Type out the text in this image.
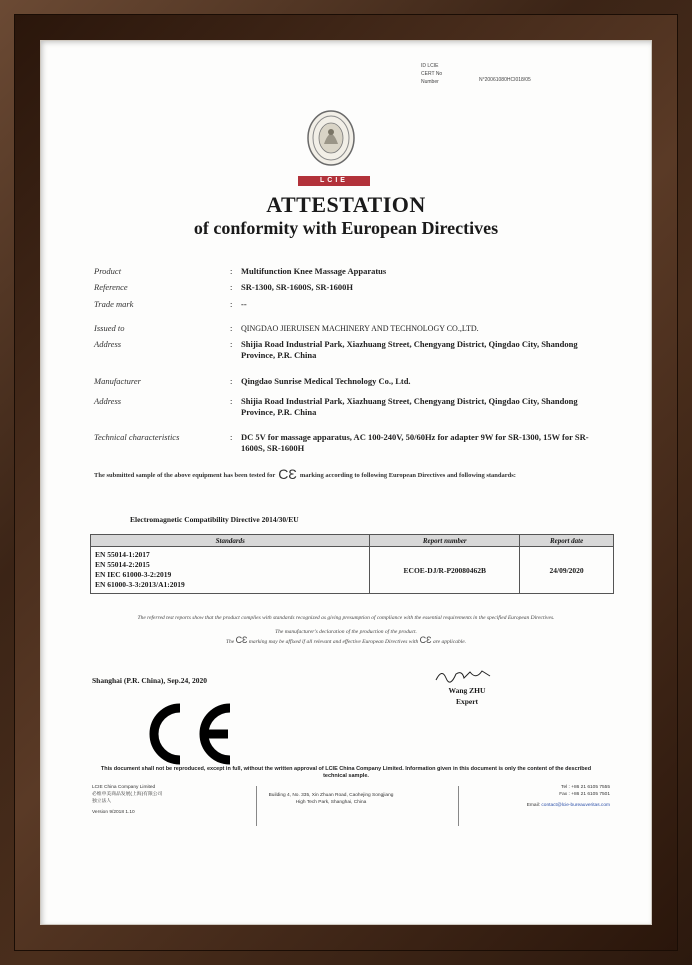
ID LCIE
CERT No
Number	N°20061080HCI018/05
LCIE
ATTESTATION
of conformity with European Directives
Product	: Multifunction Knee Massage Apparatus
Reference	: SR-1300, SR-1600S, SR-1600H
Trade mark	: --
Issued to	: QINGDAO JIERUISEN MACHINERY AND TECHNOLOGY CO.,LTD.
Address	: Shijia Road Industrial Park, Xiazhuang Street, Chengyang District, Qingdao City, Shandong Province, P.R. China
Manufacturer	: Qingdao Sunrise Medical Technology Co., Ltd.
Address	: Shijia Road Industrial Park, Xiazhuang Street, Chengyang District, Qingdao City, Shandong Province, P.R. China
Technical characteristics	: DC 5V for massage apparatus, AC 100-240V, 50/60Hz for adapter 9W for SR-1300, 15W for SR-1600S, SR-1600H
The submitted sample of the above equipment has been tested for CƐ marking according to following European Directives and following standards:
Electromagnetic Compatibility Directive 2014/30/EU
Standards	Report number	Report date

EN 55014-1:2017
EN 55014-2:2015
EN IEC 61000-3-2:2019
EN 61000-3-3:2013/A1:2019	ECOE-DJ/R-P20080462B	24/09/2020
The referred test reports show that the product complies with standards recognized as giving presumption of compliance with the essential requirements in the specified European Directives.
The manufacturer's declaration of the production of the product.
The CƐ marking may be affixed if all relevant and effective European Directives with CƐ are applicable.
Shanghai (P.R. China), Sep.24, 2020
Wang ZHU
Expert
This document shall not be reproduced, except in full, without the written approval of LCIE China Company Limited. Information given in this document is only the content of the described technical sample.
LCIE China Company Limited
必维申美商品发展(上海)有限公司
独立法人
Version 9/2018 1.10
Building 4, No. 335, Xin Zhuan Road, Caohejing Songjiang High Tech Park, Shanghai, China
Tel : +86 21 6105 7555
Fax : +86 21 6105 7501
Email: contact@lcie-bureauveritas.com
